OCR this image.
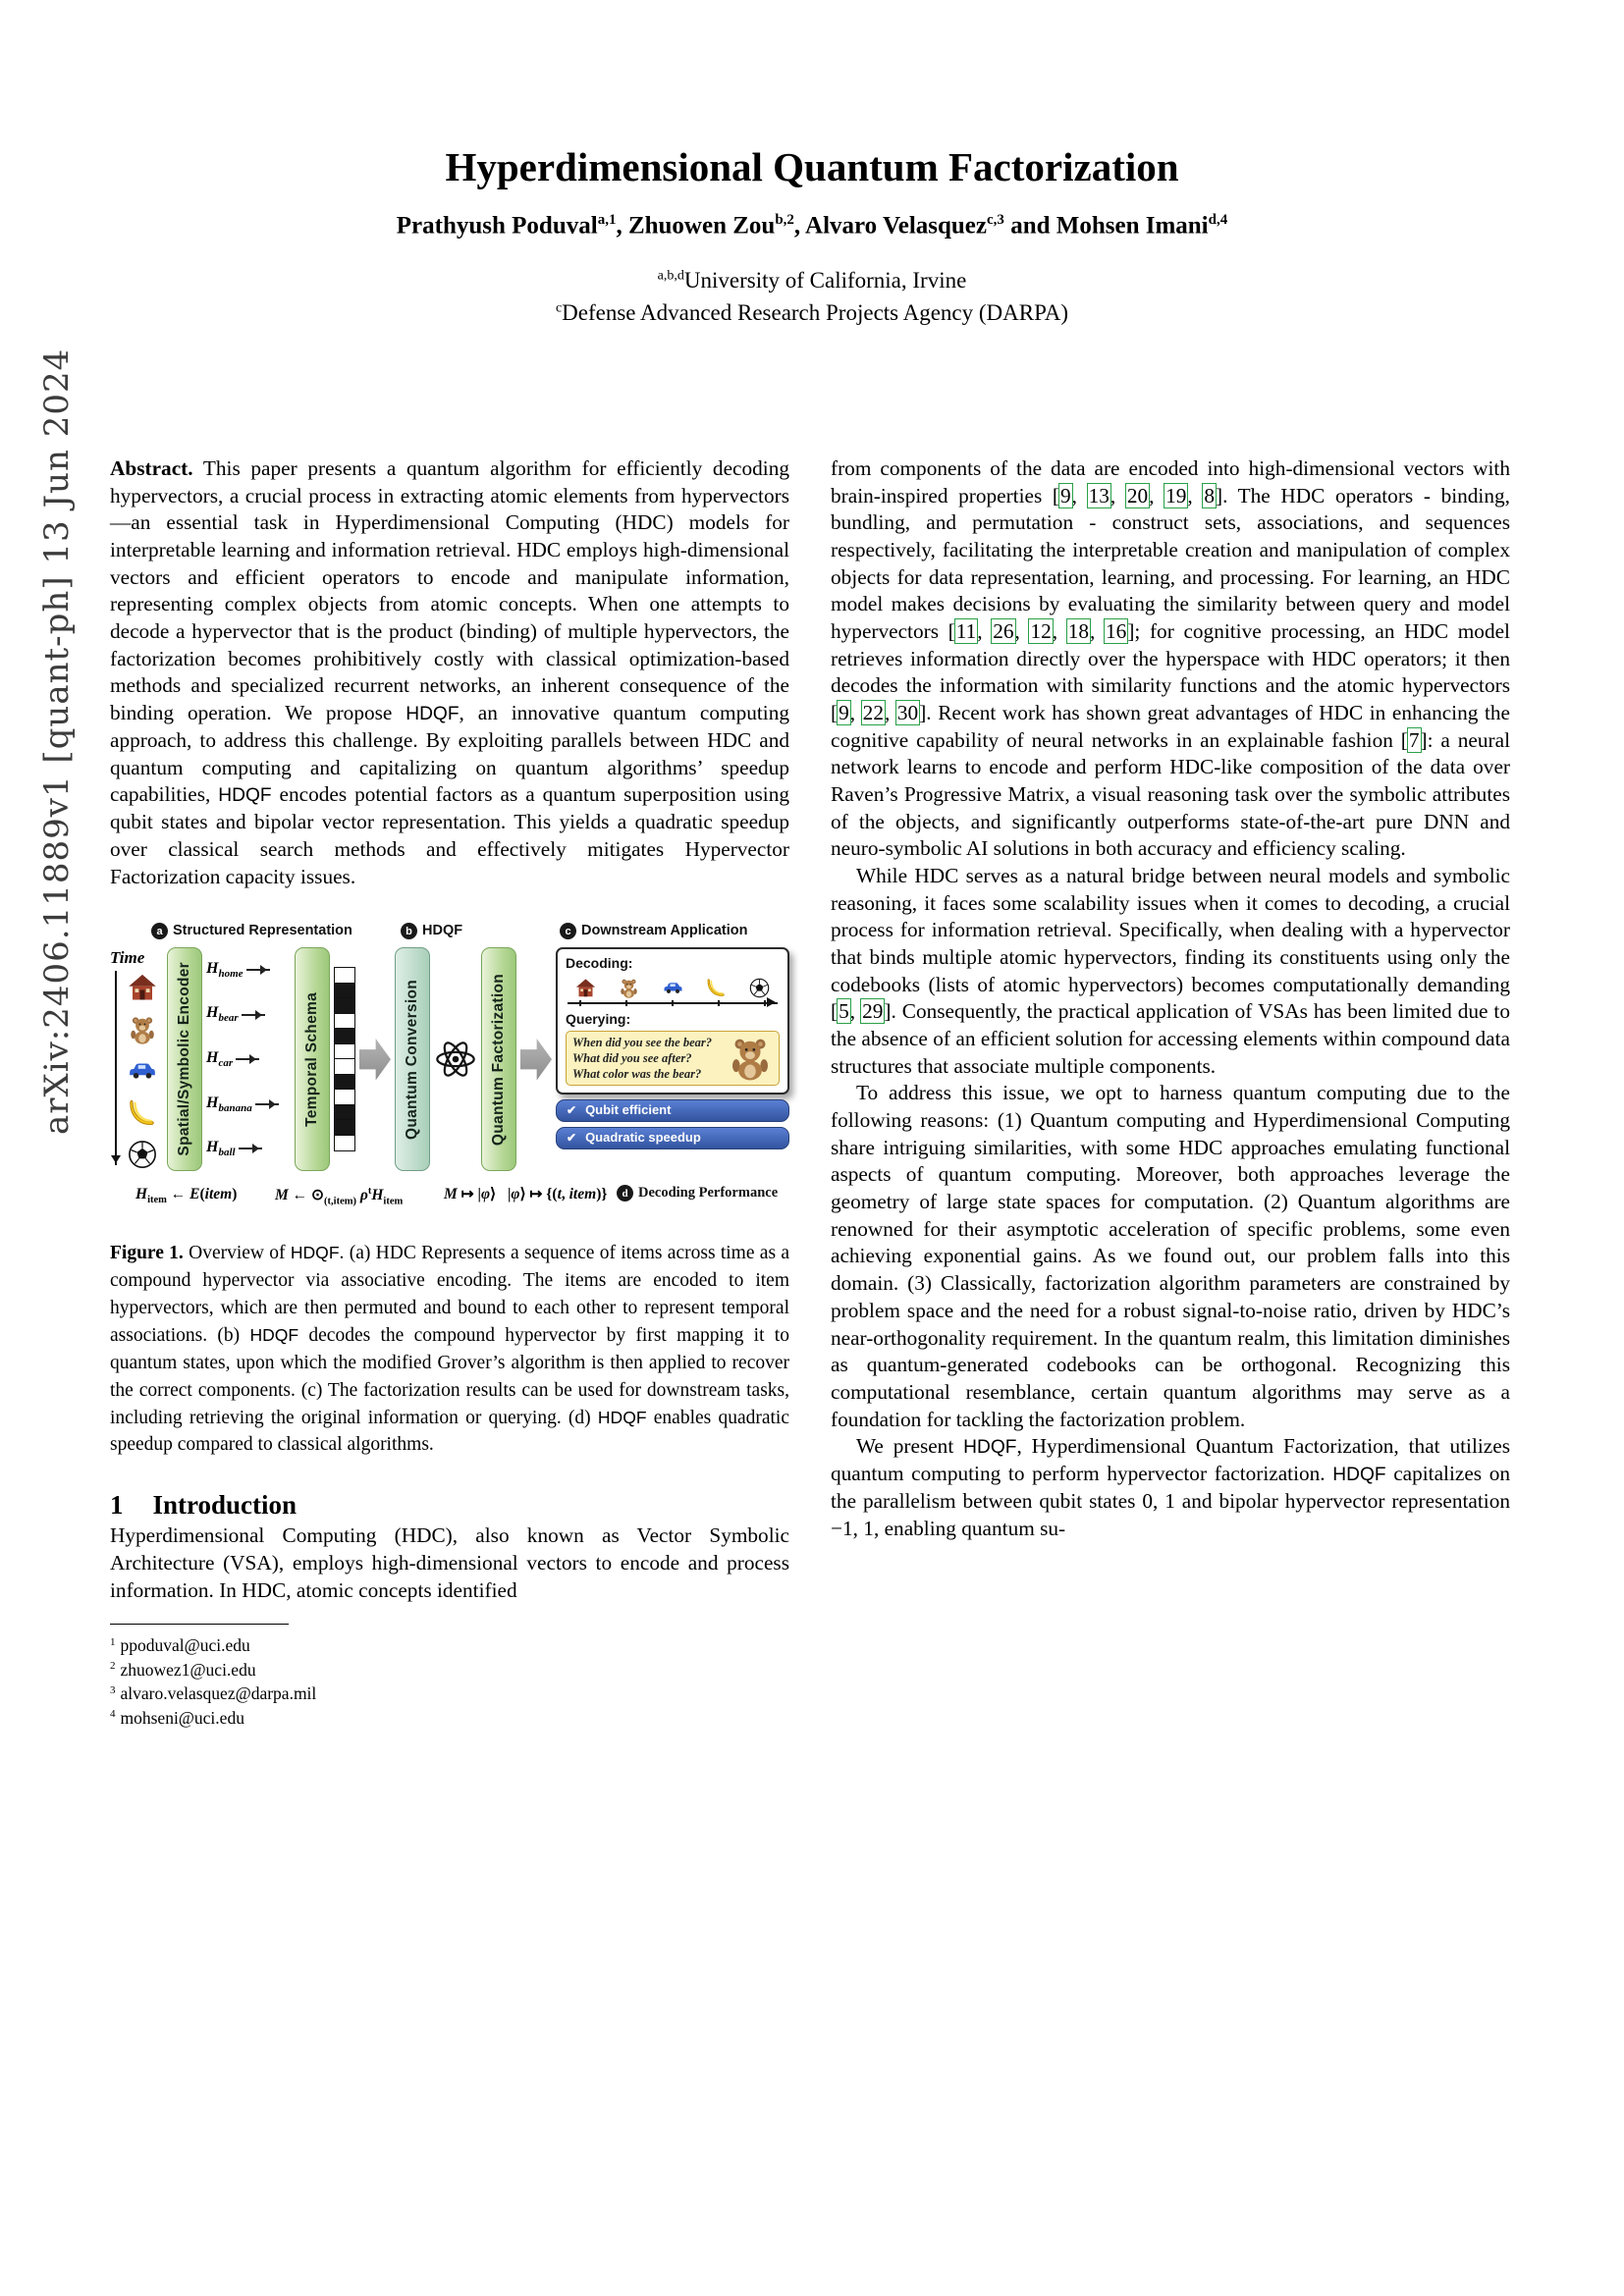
arXiv:2406.11889v1 [quant-ph] 13 Jun 2024
Hyperdimensional Quantum Factorization
Prathyush Poduval$^{a,1}$, Zhuowen Zou$^{b,2}$, Alvaro Velasquez$^{c,3}$ and Mohsen Imani$^{d,4}$
$^{a,b,d}$University of California, Irvine
$^c$Defense Advanced Research Projects Agency (DARPA)

Abstract. This paper presents a quantum algorithm for efficiently decoding hypervectors, a crucial process in extracting atomic elements from hypervectors—an essential task in Hyperdimensional Computing (HDC) models for interpretable learning and information retrieval. HDC employs high-dimensional vectors and efficient operators to encode and manipulate information, representing complex objects from atomic concepts. When one attempts to decode a hypervector that is the product (binding) of multiple hypervectors, the factorization becomes prohibitively costly with classical optimization-based methods and specialized recurrent networks, an inherent consequence of the binding operation. We propose HDQF, an innovative quantum computing approach, to address this challenge. By exploiting parallels between HDC and quantum computing and capitalizing on quantum algorithms’ speedup capabilities, HDQF encodes potential factors as a quantum superposition using qubit states and bipolar vector representation. This yields a quadratic speedup over classical search methods and effectively mitigates Hypervector Factorization capacity issues.

a Structured Representation	b HDQF	c Downstream Application
Time
Spatial/Symbolic Encoder $H_{home}$
$H_{bear}$
$H_{car}$
$H_{banana}$
$H_{ball}$
Temporal Schema	Quantum Conversion	Quantum Factorization
Decoding:
Querying:
When did you see the bear?
What did you see after?
What color was the bear?
✔ Qubit efficient
✔ Quadratic speedup
$H_{item}$ ← E(item) M ← $⊙_{(t,item)}$ $\rho^tH_{item}$	M ↦ |φ⟩ |φ⟩ ↦ {(t, item)}	d Decoding Performance
Figure 1. Overview of HDQF. (a) HDC Represents a sequence of items across time as a compound hypervector via associative encoding. The items are encoded to item hypervectors, which are then permuted and bound to each other to represent temporal associations. (b) HDQF decodes the compound hypervector by first mapping it to quantum states, upon which the modified Grover’s algorithm is then applied to recover the correct components. (c) The factorization results can be used for downstream tasks, including retrieving the original information or querying. (d) HDQF enables quadratic speedup compared to classical algorithms.
1 Introduction

Hyperdimensional Computing (HDC), also known as Vector Symbolic Architecture (VSA), employs high-dimensional vectors to encode and process information. In HDC, atomic concepts identified

$^1$ ppoduval@uci.edu
$^2$ zhuowez1@uci.edu
$^3$ alvaro.velasquez@darpa.mil
$^4$ mohseni@uci.edu

from components of the data are encoded into high-dimensional vectors with brain-inspired properties [9, 13, 20, 19, 8]. The HDC operators - binding, bundling, and permutation - construct sets, associations, and sequences respectively, facilitating the interpretable creation and manipulation of complex objects for data representation, learning, and processing. For learning, an HDC model makes decisions by evaluating the similarity between query and model hypervectors [11, 26, 12, 18, 16]; for cognitive processing, an HDC model retrieves information directly over the hyperspace with HDC operators; it then decodes the information with similarity functions and the atomic hypervectors [9, 22, 30]. Recent work has shown great advantages of HDC in enhancing the cognitive capability of neural networks in an explainable fashion [7]: a neural network learns to encode and perform HDC-like composition of the data over Raven’s Progressive Matrix, a visual reasoning task over the symbolic attributes of the objects, and significantly outperforms state-of-the-art pure DNN and neuro-symbolic AI solutions in both accuracy and efficiency scaling.

While HDC serves as a natural bridge between neural models and symbolic reasoning, it faces some scalability issues when it comes to decoding, a crucial process for information retrieval. Specifically, when dealing with a hypervector that binds multiple atomic hypervectors, finding its constituents using only the codebooks (lists of atomic hypervectors) becomes computationally demanding [5, 29]. Consequently, the practical application of VSAs has been limited due to the absence of an efficient solution for accessing elements within compound data structures that associate multiple components.

To address this issue, we opt to harness quantum computing due to the following reasons: (1) Quantum computing and Hyperdimensional Computing share intriguing similarities, with some HDC approaches emulating functional aspects of quantum computing. Moreover, both approaches leverage the geometry of large state spaces for computation. (2) Quantum algorithms are renowned for their asymptotic acceleration of specific problems, some even achieving exponential gains. As we found out, our problem falls into this domain. (3) Classically, factorization algorithm parameters are constrained by problem space and the need for a robust signal-to-noise ratio, driven by HDC’s near-orthogonality requirement. In the quantum realm, this limitation diminishes as quantum-generated codebooks can be orthogonal. Recognizing this computational resemblance, certain quantum algorithms may serve as a foundation for tackling the factorization problem.

We present HDQF, Hyperdimensional Quantum Factorization, that utilizes quantum computing to perform hypervector factorization. HDQF capitalizes on the parallelism between qubit states 0, 1 and bipolar hypervector representation −1, 1, enabling quantum su-
